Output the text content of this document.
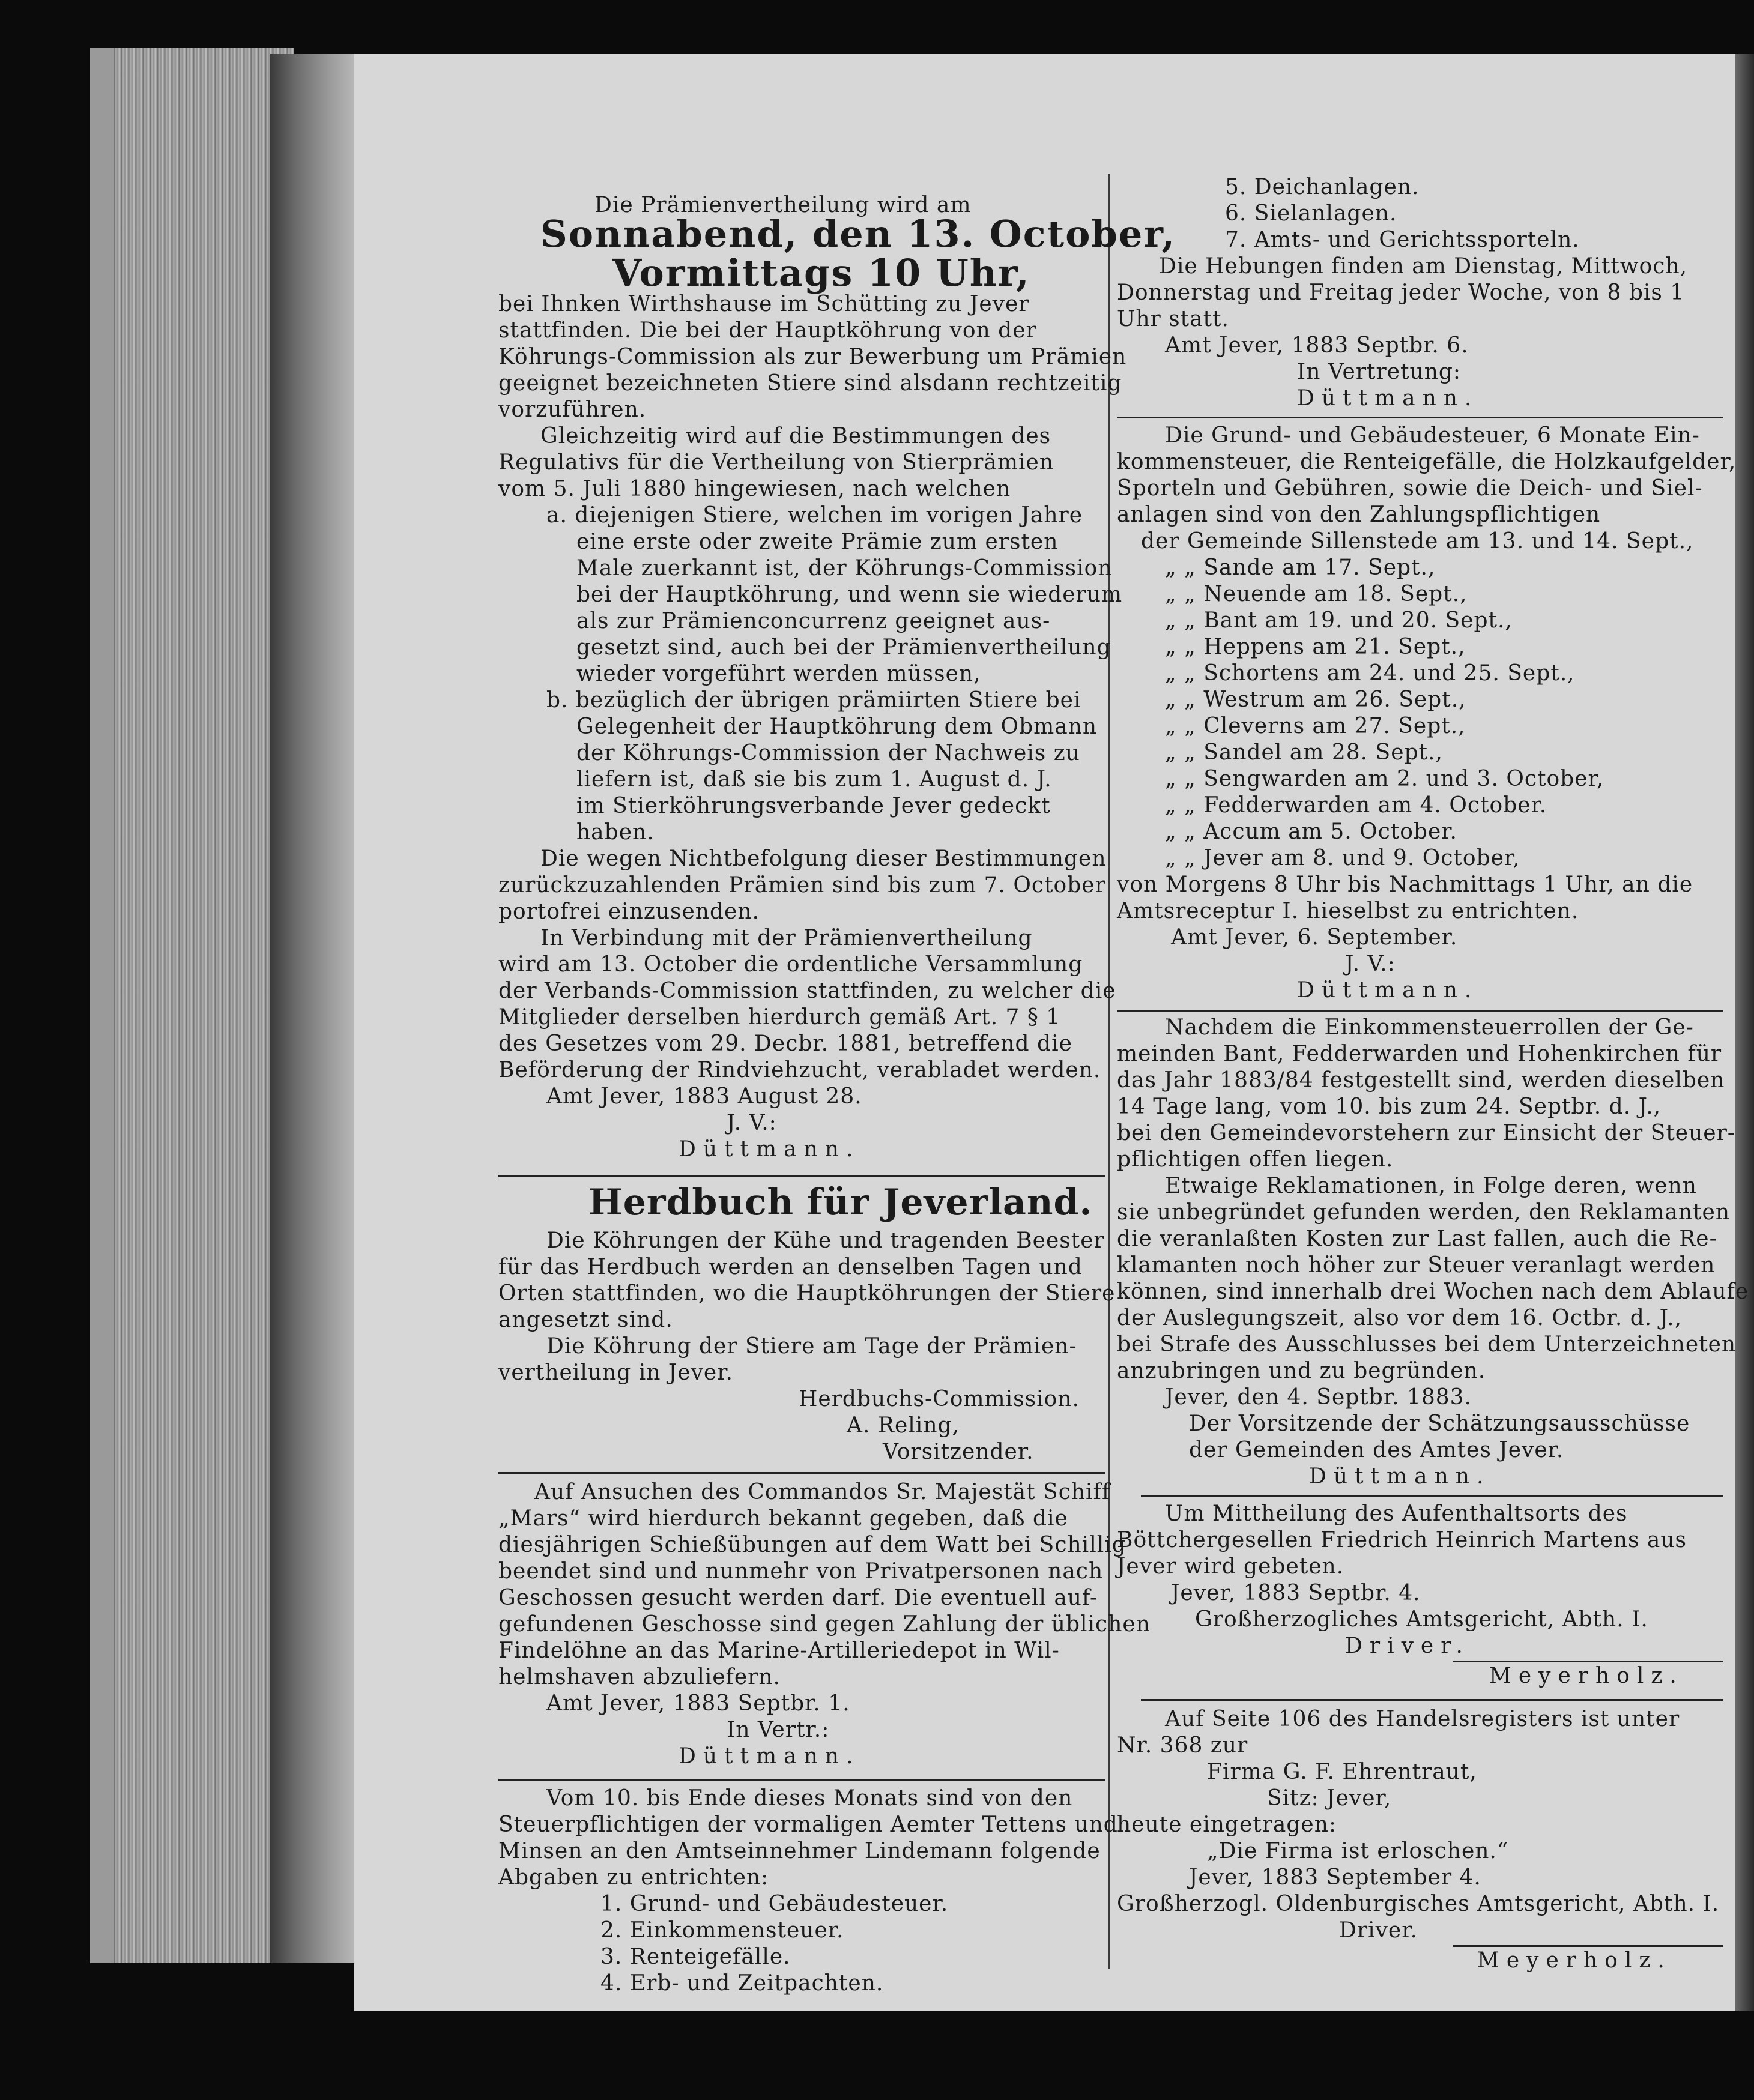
Die Prämienvertheilung wird am
Sonnabend, den 13. October,
Vormittags 10 Uhr,
bei Ihnken Wirthshause im Schütting zu Jever
stattfinden. Die bei der Hauptköhrung von der
Köhrungs-Commission als zur Bewerbung um Prämien
geeignet bezeichneten Stiere sind alsdann rechtzeitig
vorzuführen.
Gleichzeitig wird auf die Bestimmungen des
Regulativs für die Vertheilung von Stierprämien
vom 5. Juli 1880 hingewiesen, nach welchen
a. diejenigen Stiere, welchen im vorigen Jahre
eine erste oder zweite Prämie zum ersten
Male zuerkannt ist, der Köhrungs-Commission
bei der Hauptköhrung, und wenn sie wiederum
als zur Prämienconcurrenz geeignet aus-
gesetzt sind, auch bei der Prämienvertheilung
wieder vorgeführt werden müssen,
b. bezüglich der übrigen prämiirten Stiere bei
Gelegenheit der Hauptköhrung dem Obmann
der Köhrungs-Commission der Nachweis zu
liefern ist, daß sie bis zum 1. August d. J.
im Stierköhrungsverbande Jever gedeckt
haben.
Die wegen Nichtbefolgung dieser Bestimmungen
zurückzuzahlenden Prämien sind bis zum 7. October
portofrei einzusenden.
In Verbindung mit der Prämienvertheilung
wird am 13. October die ordentliche Versammlung
der Verbands-Commission stattfinden, zu welcher die
Mitglieder derselben hierdurch gemäß Art. 7 § 1
des Gesetzes vom 29. Decbr. 1881, betreffend die
Beförderung der Rindviehzucht, verabladet werden.
Amt Jever, 1883 August 28.
J. V.:
Düttmann.
Herdbuch für Jeverland.
Die Köhrungen der Kühe und tragenden Beester
für das Herdbuch werden an denselben Tagen und
Orten stattfinden, wo die Hauptköhrungen der Stiere
angesetzt sind.
Die Köhrung der Stiere am Tage der Prämien-
vertheilung in Jever.
Herdbuchs-Commission.
A. Reling,
Vorsitzender.
Auf Ansuchen des Commandos Sr. Majestät Schiff
„Mars“ wird hierdurch bekannt gegeben, daß die
diesjährigen Schießübungen auf dem Watt bei Schillig
beendet sind und nunmehr von Privatpersonen nach
Geschossen gesucht werden darf. Die eventuell auf-
gefundenen Geschosse sind gegen Zahlung der üblichen
Findelöhne an das Marine-Artilleriedepot in Wil-
helmshaven abzuliefern.
Amt Jever, 1883 Septbr. 1.
In Vertr.:
Düttmann.
Vom 10. bis Ende dieses Monats sind von den
Steuerpflichtigen der vormaligen Aemter Tettens und
Minsen an den Amtseinnehmer Lindemann folgende
Abgaben zu entrichten:
1. Grund- und Gebäudesteuer.
2. Einkommensteuer.
3. Renteigefälle.
4. Erb- und Zeitpachten.
5. Deichanlagen.
6. Sielanlagen.
7. Amts- und Gerichtssporteln.
Die Hebungen finden am Dienstag, Mittwoch,
Donnerstag und Freitag jeder Woche, von 8 bis 1
Uhr statt.
Amt Jever, 1883 Septbr. 6.
In Vertretung:
Düttmann.
Die Grund- und Gebäudesteuer, 6 Monate Ein-
kommensteuer, die Renteigefälle, die Holzkaufgelder,
Sporteln und Gebühren, sowie die Deich- und Siel-
anlagen sind von den Zahlungspflichtigen
der Gemeinde Sillenstede am 13. und 14. Sept.,
„ „ Sande am 17. Sept.,
„ „ Neuende am 18. Sept.,
„ „ Bant am 19. und 20. Sept.,
„ „ Heppens am 21. Sept.,
„ „ Schortens am 24. und 25. Sept.,
„ „ Westrum am 26. Sept.,
„ „ Cleverns am 27. Sept.,
„ „ Sandel am 28. Sept.,
„ „ Sengwarden am 2. und 3. October,
„ „ Fedderwarden am 4. October.
„ „ Accum am 5. October.
„ „ Jever am 8. und 9. October,
von Morgens 8 Uhr bis Nachmittags 1 Uhr, an die
Amtsreceptur I. hieselbst zu entrichten.
Amt Jever, 6. September.
J. V.:
Düttmann.
Nachdem die Einkommensteuerrollen der Ge-
meinden Bant, Fedderwarden und Hohenkirchen für
das Jahr 1883/84 festgestellt sind, werden dieselben
14 Tage lang, vom 10. bis zum 24. Septbr. d. J.,
bei den Gemeindevorstehern zur Einsicht der Steuer-
pflichtigen offen liegen.
Etwaige Reklamationen, in Folge deren, wenn
sie unbegründet gefunden werden, den Reklamanten
die veranlaßten Kosten zur Last fallen, auch die Re-
klamanten noch höher zur Steuer veranlagt werden
können, sind innerhalb drei Wochen nach dem Ablaufe
der Auslegungszeit, also vor dem 16. Octbr. d. J.,
bei Strafe des Ausschlusses bei dem Unterzeichneten
anzubringen und zu begründen.
Jever, den 4. Septbr. 1883.
Der Vorsitzende der Schätzungsausschüsse
der Gemeinden des Amtes Jever.
Düttmann.
Um Mittheilung des Aufenthaltsorts des
Böttchergesellen Friedrich Heinrich Martens aus
Jever wird gebeten.
Jever, 1883 Septbr. 4.
Großherzogliches Amtsgericht, Abth. I.
Driver.
Meyerholz.
Auf Seite 106 des Handelsregisters ist unter
Nr. 368 zur
Firma G. F. Ehrentraut,
Sitz: Jever,
heute eingetragen:
„Die Firma ist erloschen.“
Jever, 1883 September 4.
Großherzogl. Oldenburgisches Amtsgericht, Abth. I.
Driver.
Meyerholz.
